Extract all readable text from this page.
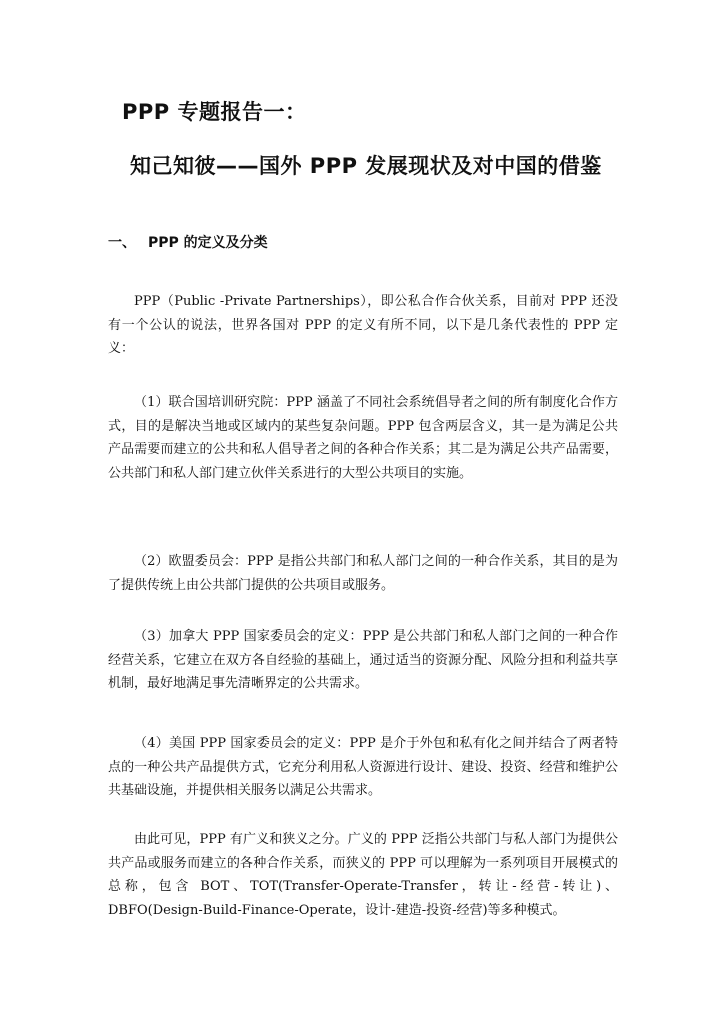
PPP 专题报告一：
知己知彼——国外 PPP 发展现状及对中国的借鉴
一、 PPP 的定义及分类

PPP（Public -Private Partnerships），即公私合作合伙关系，目前对 PPP 还没有一个公认的说法，世界各国对 PPP 的定义有所不同，以下是几条代表性的 PPP 定义：

（1）联合国培训研究院：PPP 涵盖了不同社会系统倡导者之间的所有制度化合作方式，目的是解决当地或区域内的某些复杂问题。PPP 包含两层含义，其一是为满足公共产品需要而建立的公共和私人倡导者之间的各种合作关系；其二是为满足公共产品需要，公共部门和私人部门建立伙伴关系进行的大型公共项目的实施。

（2）欧盟委员会：PPP 是指公共部门和私人部门之间的一种合作关系，其目的是为了提供传统上由公共部门提供的公共项目或服务。

（3）加拿大 PPP 国家委员会的定义：PPP 是公共部门和私人部门之间的一种合作经营关系，它建立在双方各自经验的基础上，通过适当的资源分配、风险分担和利益共享机制，最好地满足事先清晰界定的公共需求。

（4）美国 PPP 国家委员会的定义：PPP 是介于外包和私有化之间并结合了两者特点的一种公共产品提供方式，它充分利用私人资源进行设计、建设、投资、经营和维护公共基础设施，并提供相关服务以满足公共需求。

由此可见，PPP 有广义和狭义之分。广义的 PPP 泛指公共部门与私人部门为提供公共产品或服务而建立的各种合作关系，而狭义的 PPP 可以理解为一系列项目开展模式的总称，包含 BOT、TOT(Transfer-Operate-Transfer，转让-经营-转让)、DBFO(Design-Build-Finance-Operate，设计-建造-投资-经营)等多种模式。
